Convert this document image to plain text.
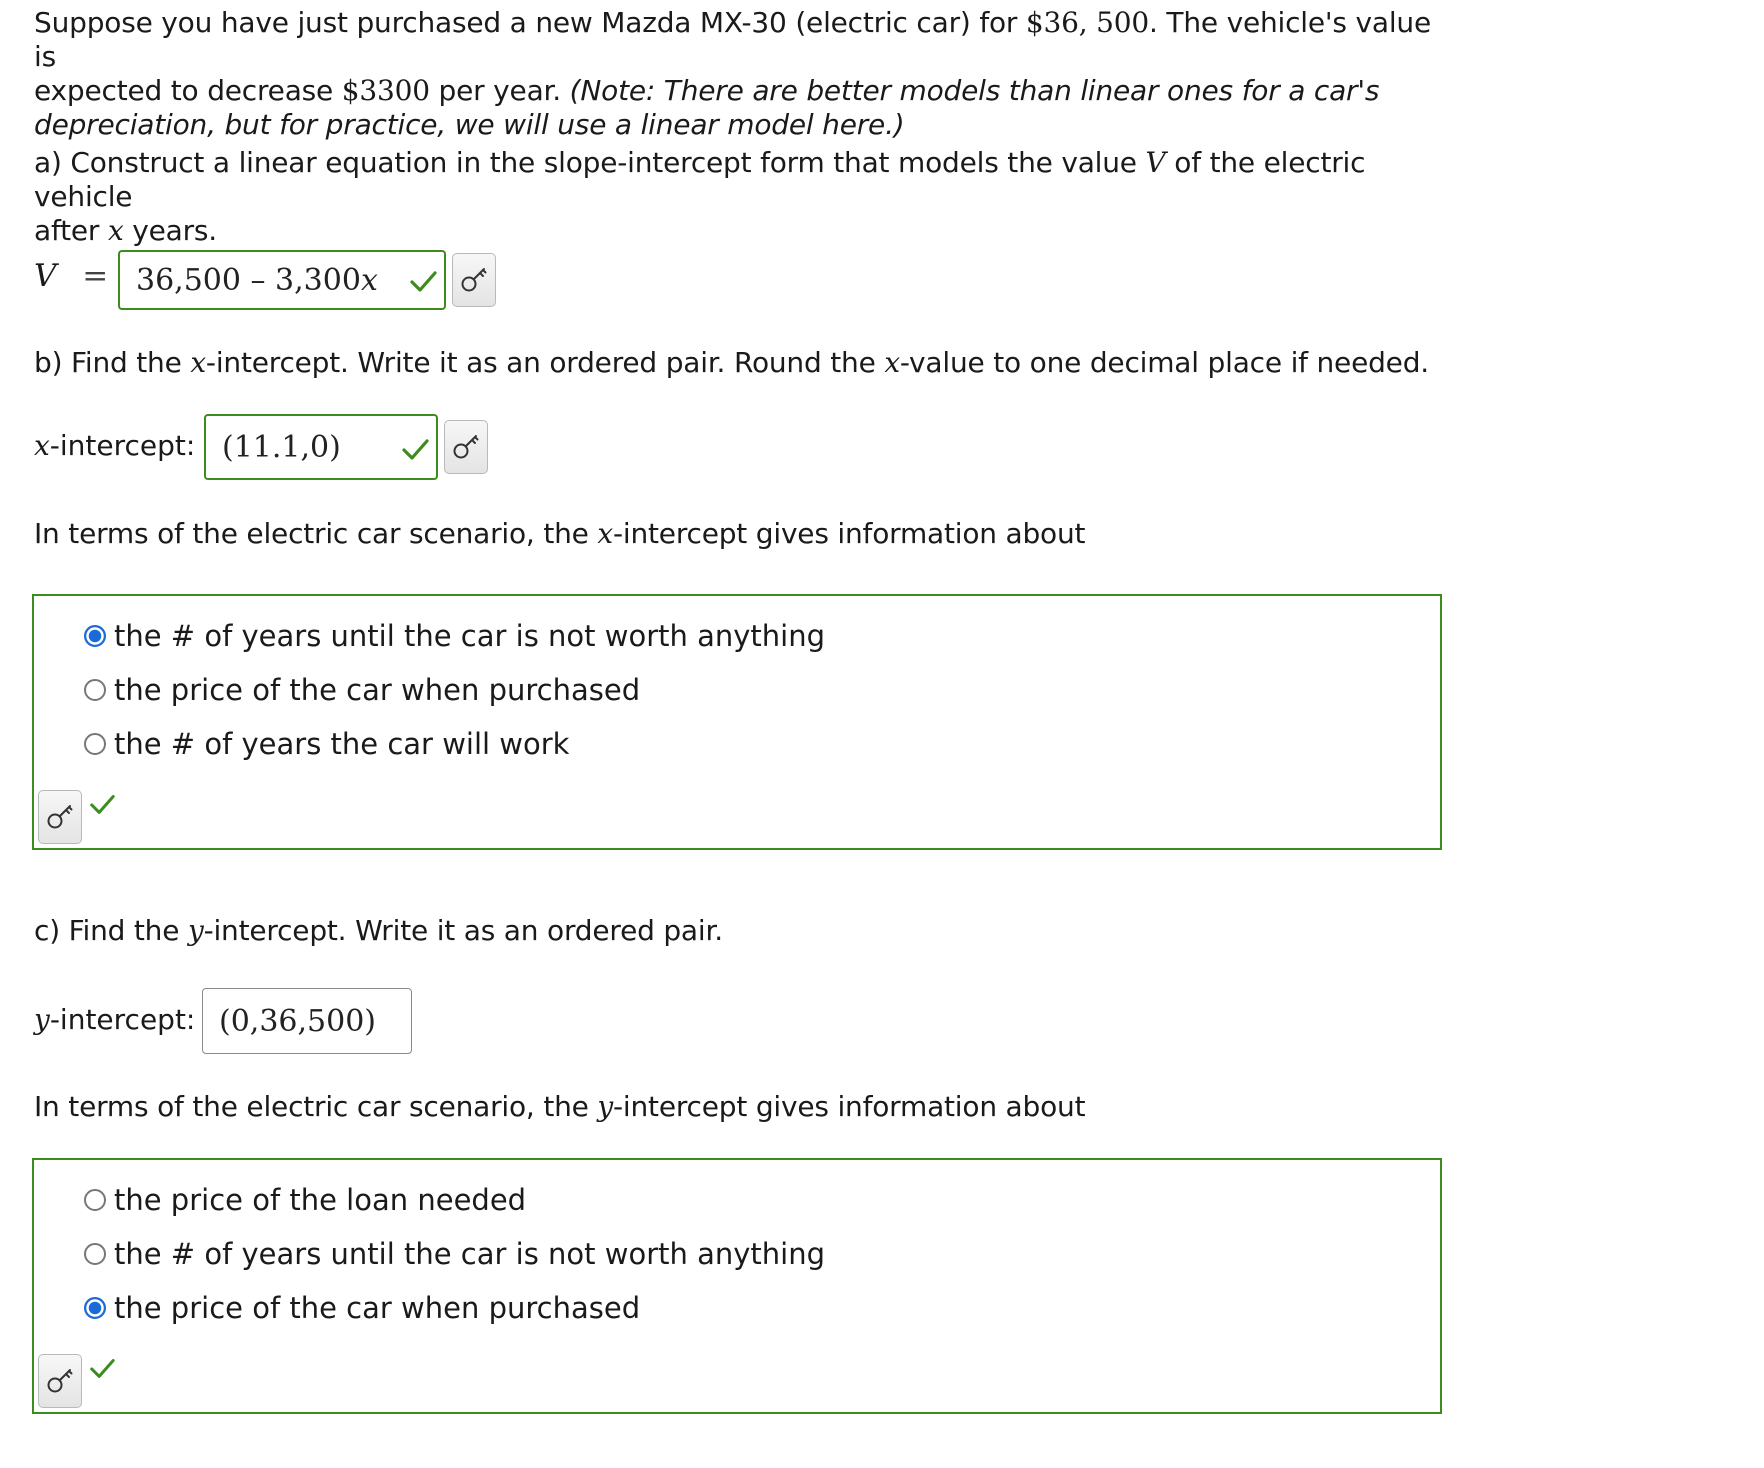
Suppose you have just purchased a new Mazda MX-30 (electric car) for $36, 500. The vehicle's value is
expected to decrease $3300 per year. (Note: There are better models than linear ones for a car's
depreciation, but for practice, we will use a linear model here.)
a) Construct a linear equation in the slope-intercept form that models the value V of the electric vehicle
after x years.
V = 36,500 – 3,300x
b) Find the x-intercept. Write it as an ordered pair. Round the x-value to one decimal place if needed.
x-intercept: (11.1,0)
In terms of the electric car scenario, the x-intercept gives information about
the # of years until the car is not worth anything
the price of the car when purchased
the # of years the car will work
c) Find the y-intercept. Write it as an ordered pair.
y-intercept: (0,36,500)
In terms of the electric car scenario, the y-intercept gives information about
the price of the loan needed
the # of years until the car is not worth anything
the price of the car when purchased
